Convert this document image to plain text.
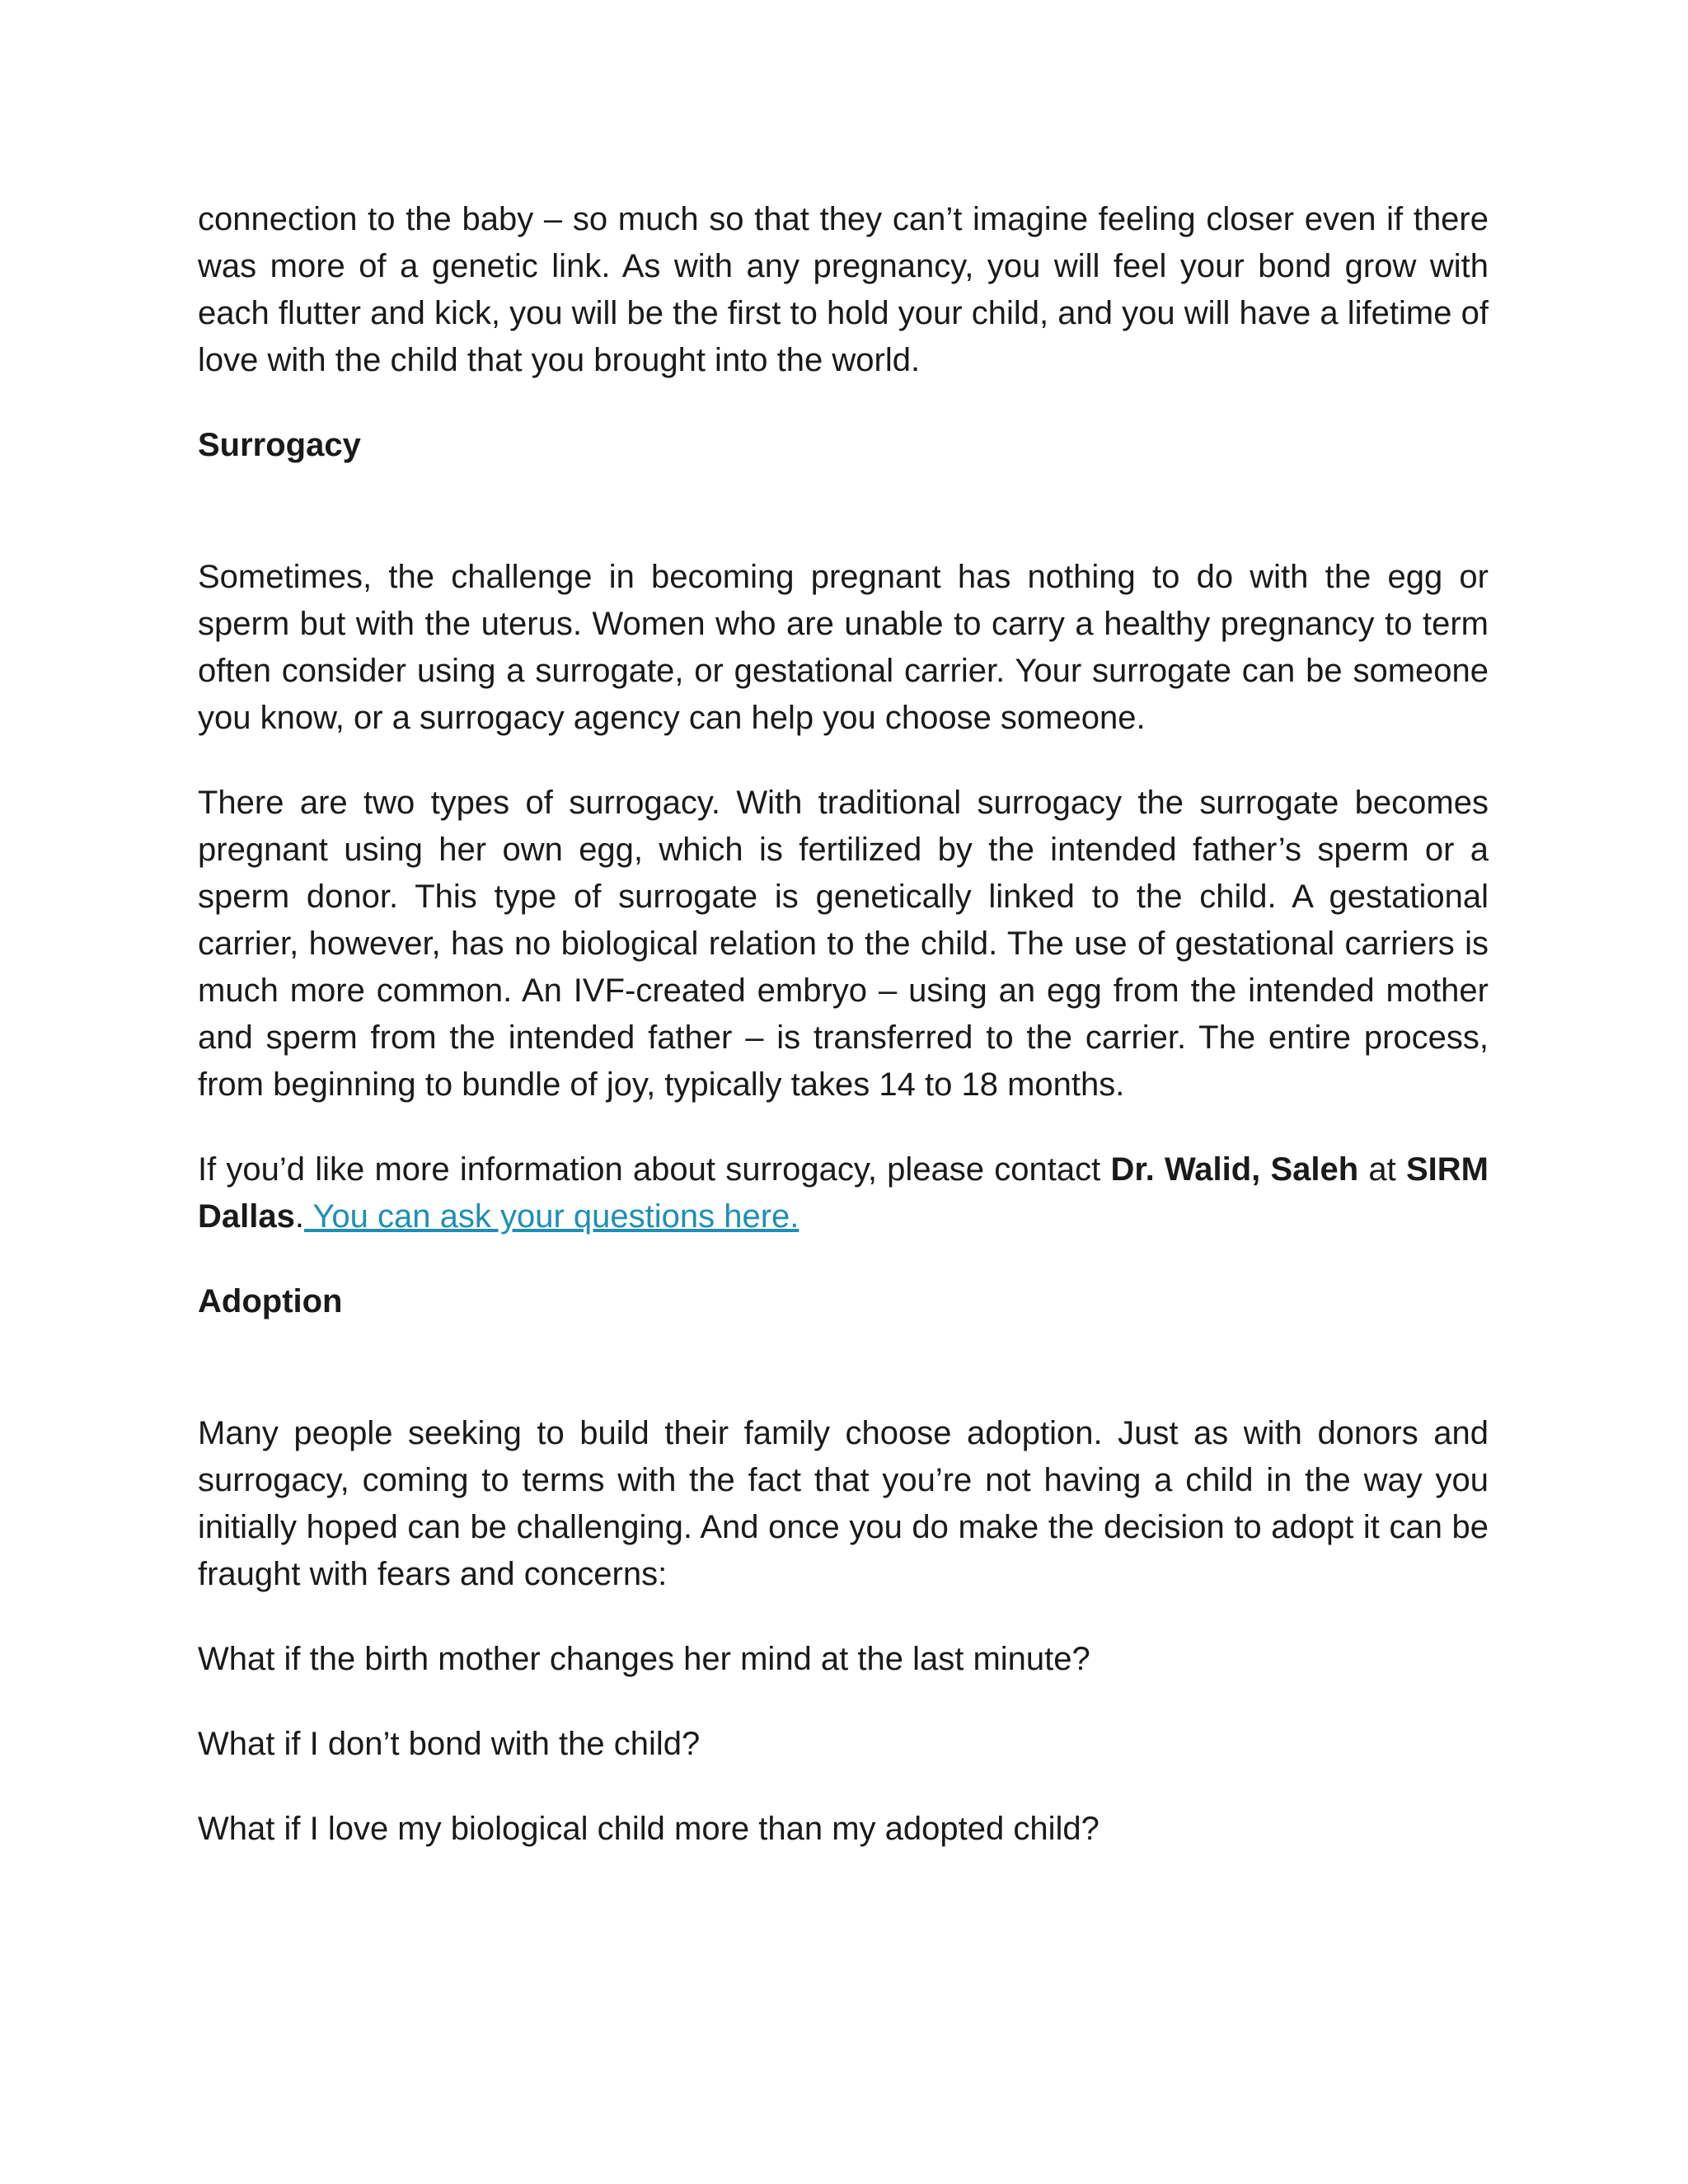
connection to the baby – so much so that they can’t imagine feeling closer even if there was more of a genetic link. As with any pregnancy, you will feel your bond grow with each flutter and kick, you will be the first to hold your child, and you will have a lifetime of love with the child that you brought into the world.

Surrogacy

Sometimes, the challenge in becoming pregnant has nothing to do with the egg or sperm but with the uterus. Women who are unable to carry a healthy pregnancy to term often consider using a surrogate, or gestational carrier. Your surrogate can be someone you know, or a surrogacy agency can help you choose someone.

There are two types of surrogacy. With traditional surrogacy the surrogate becomes pregnant using her own egg, which is fertilized by the intended father’s sperm or a sperm donor. This type of surrogate is genetically linked to the child. A gestational carrier, however, has no biological relation to the child. The use of gestational carriers is much more common. An IVF-created embryo – using an egg from the intended mother and sperm from the intended father – is transferred to the carrier. The entire process, from beginning to bundle of joy, typically takes 14 to 18 months.

If you’d like more information about surrogacy, please contact Dr. Walid, Saleh at SIRM Dallas. You can ask your questions here.

Adoption

Many people seeking to build their family choose adoption. Just as with donors and surrogacy, coming to terms with the fact that you’re not having a child in the way you initially hoped can be challenging. And once you do make the decision to adopt it can be fraught with fears and concerns:

What if the birth mother changes her mind at the last minute?

What if I don’t bond with the child?

What if I love my biological child more than my adopted child?
